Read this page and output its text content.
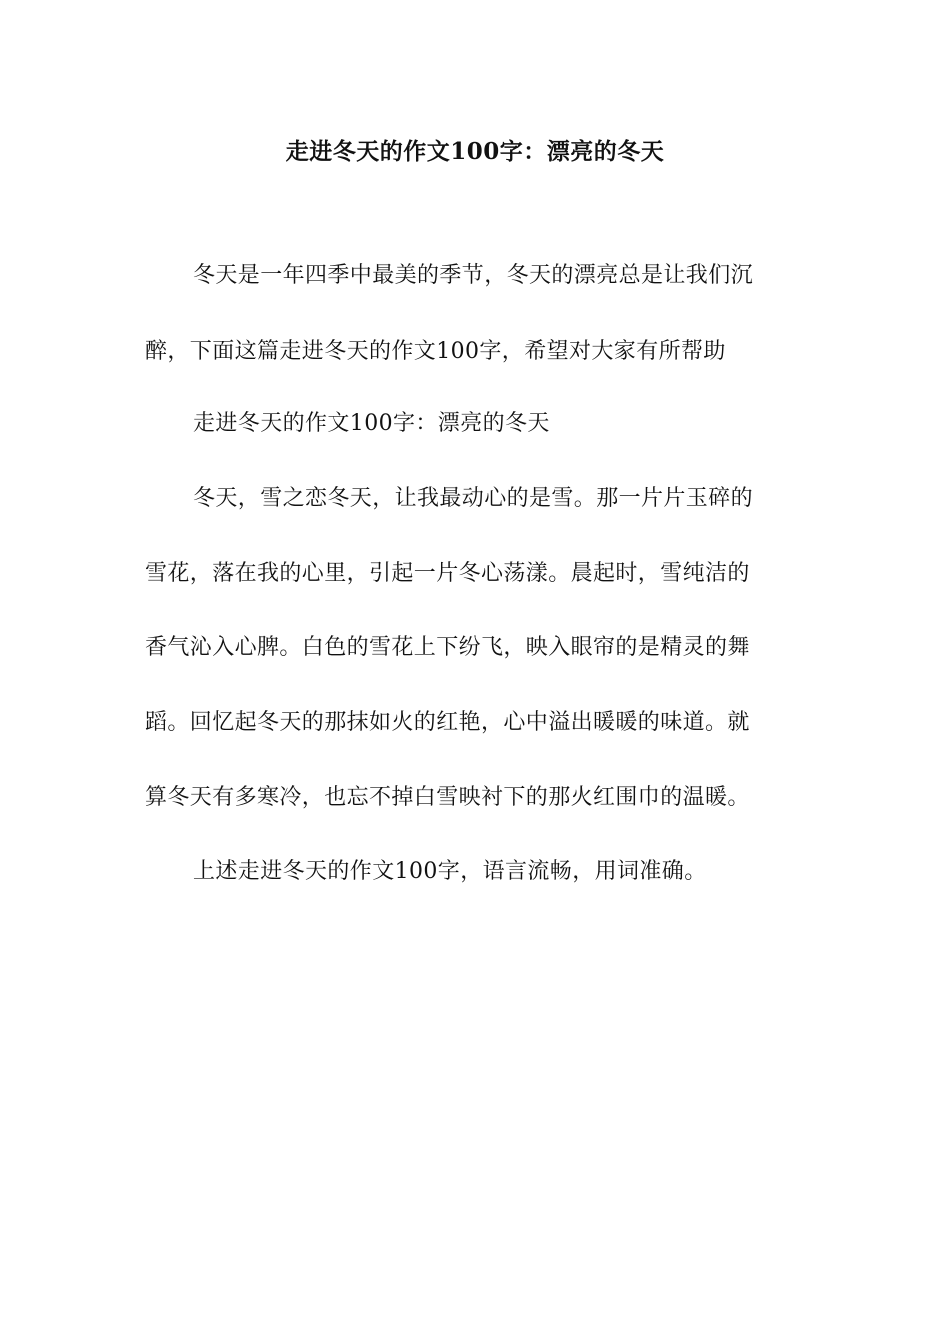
走进冬天的作文100字：漂亮的冬天
冬天是一年四季中最美的季节，冬天的漂亮总是让我们沉
醉，下面这篇走进冬天的作文100字，希望对大家有所帮助
走进冬天的作文100字：漂亮的冬天
冬天，雪之恋冬天，让我最动心的是雪。那一片片玉碎的
雪花，落在我的心里，引起一片冬心荡漾。晨起时，雪纯洁的
香气沁入心脾。白色的雪花上下纷飞，映入眼帘的是精灵的舞
蹈。回忆起冬天的那抹如火的红艳，心中溢出暖暖的味道。就
算冬天有多寒冷，也忘不掉白雪映衬下的那火红围巾的温暖。
上述走进冬天的作文100字，语言流畅，用词准确。
